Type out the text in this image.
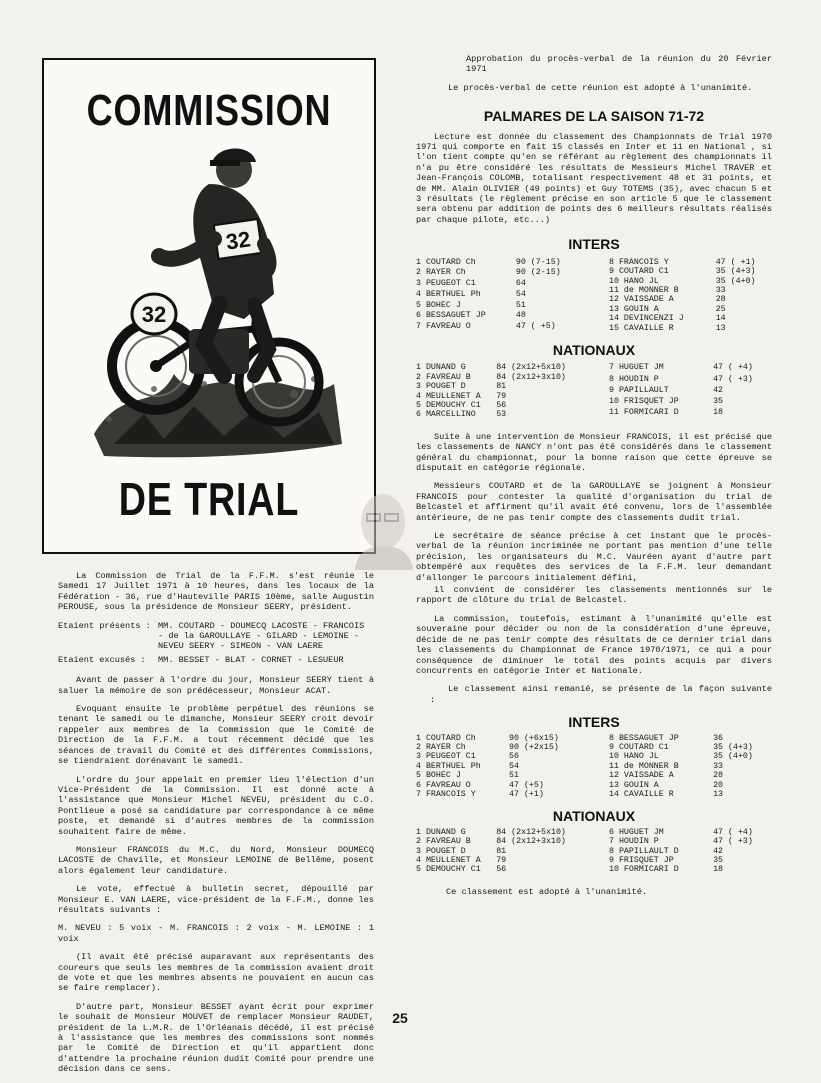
COMMISSION
32
32
DE TRIAL

La Commission de Trial de la F.F.M. s'est réunie le Samedi 17 Juillet 1971 à 10 heures, dans les locaux de la Fédération - 36, rue d'Hauteville PARIS 10ème, salle Augustin PEROUSE, sous la présidence de Monsieur SEERY, président.

Etaient présents : MM. COUTARD - DOUMECQ LACOSTE - FRANCOIS - de la GAROULLAYE - GILARD - LEMOINE - NEVEU SEERY - SIMEON - VAN LAERE
Etaient excusés :	MM. BESSET - BLAT - CORNET - LESUEUR

Avant de passer à l'ordre du jour, Monsieur SEERY tient à saluer la mémoire de son prédécesseur, Monsieur ACAT.

Evoquant ensuite le problème perpétuel des réunions se tenant le samedi ou le dimanche, Monsieur SEERY croit devoir rappeler aux membres de la Commission que le Comité de Direction de la F.F.M. a tout récemment décidé que les séances de travail du Comité et des différentes Commissions, se tiendraient dorénavant le samedi.

L'ordre du jour appelait en premier lieu l'élection d'un Vice-Président de la Commission. Il est donné acte à l'assistance que Monsieur Michel NEVEU, président du C.O. Pontlieue a posé sa candidature par correspondance à ce même poste, et demandé si d'autres membres de la commission souhaitent faire de même.

Monsieur FRANCOIS du M.C. du Nord, Monsieur DOUMECQ LACOSTE de Chaville, et Monsieur LEMOINE de Bellême, posent alors également leur candidature.

Le vote, effectué à bulletin secret, dépouillé par Monsieur E. VAN LAERE, vice-président de la F.F.M., donne les résultats suivants :

M. NEVEU : 5 voix - M. FRANCOIS : 2 voix - M. LEMOINE : 1 voix

(Il avait été précisé auparavant aux représentants des coureurs que seuls les membres de la commission avaient droit de vote et que les membres absents ne pouvaient en aucun cas se faire remplacer).

D'autre part, Monsieur BESSET ayant écrit pour exprimer le souhait de Monsieur MOUVET de remplacer Monsieur RAUDET, président de la L.M.R. de l'Orléanais décédé, il est précisé à l'assistance que les membres des commissions sont nommés par le Comité de Direction et qu'il appartient donc d'attendre la prochaine réunion dudit Comité pour prendre une décision dans ce sens.

Approbation du procès-verbal de la réunion du 20 Février 1971

Le procès-verbal de cette réunion est adopté à l'unanimité.

PALMARES DE LA SAISON 71-72

Lecture est donnée du classement des Championnats de Trial 1970 1971 qui comporte en fait 15 classés en Inter et 11 en National , si l'on tient compte qu'en se référant au règlement des championnats il n'a pu être considéré les résultats de Messieurs Michel TRAVER et Jean-François COLOMB, totalisant respectivement 48 et 31 points, et de MM. Alain OLIVIER (49 points) et Guy TOTEMS (35), avec chacun 5 et 3 résultats (le règlement précise en son article 5 que le classement sera obtenu par addition de points des 6 meilleurs résultats réalisés par chaque pilote, etc...)

INTERS
1 COUTARD Ch	90 (7-15)
2 RAYER Ch	90 (2-15)
3 PEUGEOT C1	64
4 BERTHUEL Ph	54
5 BOHEC J	51
6 BESSAGUET JP	48
7 FAVREAU O	47 ( +5)
8 FRANCOIS Y	47 ( +1)
9 COUTARD C1	35 (4+3)
10 HANO JL	35 (4+0)
11 de MONNER B	33
12 VAISSADE A	28
13 GOUIN A	25
14 DEVINCENZI J	14
15 CAVAILLE R	13
NATIONAUX
1 DUNAND G	84 (2x12+5x10)
2 FAVREAU B	84 (2x12+3x10)
3 POUGET D	81
4 MEULLENET A	79
5 DEMOUCHY C1	56
6 MARCELLINO	53
7 HUGUET JM	47 ( +4)
8 HOUDIN P	47 ( +3)
9 PAPILLAULT	42
10 FRISQUET JP	35
11 FORMICARI D	18

Suite à une intervention de Monsieur FRANCOIS, il est précisé que les classements de NANCY n'ont pas été considérés dans le classement général du championnat, pour la bonne raison que cette épreuve se disputait en catégorie régionale.

Messieurs COUTARD et de la GAROULLAYE se joignent à Monsieur FRANCOIS pour contester la qualité d'organisation du trial de Belcastel et affirment qu'il avait été convenu, lors de l'assemblée antérieure, de ne pas tenir compte des classements dudit trial.

Le secrétaire de séance précise à cet instant que le procès-verbal de la réunion incriminée ne portant pas mention d'une telle précision, les organisateurs du M.C. Vauréen ayant d'autre part obtempéré aux requêtes des services de la F.F.M. leur demandant d'allonger le parcours initialement défini,

il convient de considérer les classements mentionnés sur le rapport de clôture du trial de Belcastel.

La commission, toutefois, estimant à l'unanimité qu'elle est souveraine pour décider ou non de la considération d'une épreuve, décide de ne pas tenir compte des résultats de ce dernier trial dans les classements du Championnat de France 1970/1971, ce qui a pour conséquence de diminuer le total des points acquis par divers concurrents en catégorie Inter et Nationale.

Le classement ainsi remanié, se présente de la façon suivante :

INTERS
1 COUTARD Ch	90 (+6x15)
2 RAYER Ch	90 (+2x15)
3 PEUGEOT C1	56
4 BERTHUEL Ph	54
5 BOHEC J	51
6 FAVREAU O	47 (+5)
7 FRANCOIS Y	47 (+1)
8 BESSAGUET JP	36
9 COUTARD C1	35 (4+3)
10 HANO JL	35 (4+0)
11 de MONNER B	33
12 VAISSADE A	28
13 GOUIN A	20
14 CAVAILLE R	13
NATIONAUX
1 DUNAND G	84 (2x12+5x10)
2 FAVREAU B	84 (2x12+3x10)
3 POUGET D	81
4 MEULLENET A	79
5 DEMOUCHY C1	56
6 HUGUET JM	47 ( +4)
7 HOUDIN P	47 ( +3)
8 PAPILLAULT D	42
9 FRISQUET JP	35
10 FORMICARI D	18

Ce classement est adopté à l'unanimité.

25
